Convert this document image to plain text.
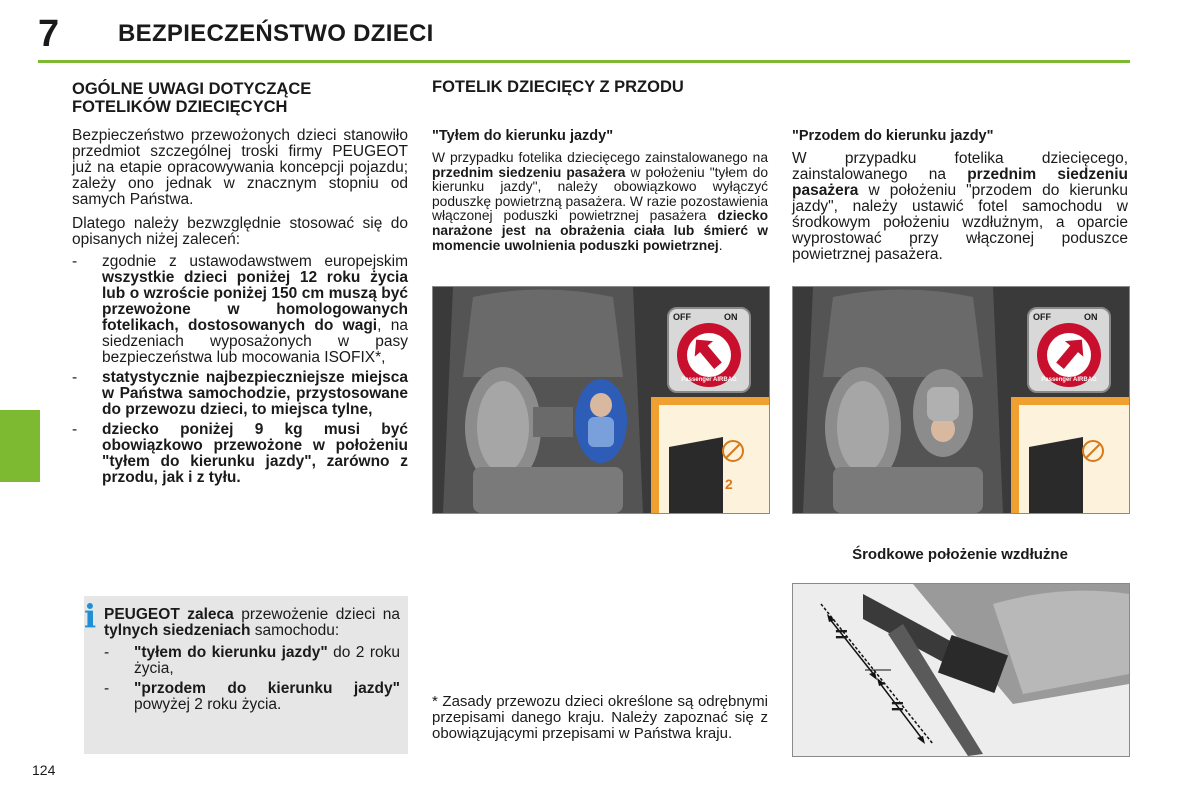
7 BEZPIECZEŃSTWO DZIECI
124
OGÓLNE UWAGI DOTYCZĄCE
FOTELIKÓW DZIECIĘCYCH

Bezpieczeństwo przewożonych dzieci stanowiło przedmiot szczególnej troski firmy PEUGEOT już na etapie opracowywania koncepcji pojazdu; zależy ono jednak w znacznym stopniu od samych Państwa.

Dlatego należy bezwzględnie stosować się do opisanych niżej zaleceń:

- zgodnie z ustawodawstwem europejskim wszystkie dzieci poniżej 12 roku życia lub o wzroście poniżej 150 cm muszą być przewożone w homologowanych fotelikach, dostosowanych do wagi, na siedzeniach wyposażonych w pasy bezpieczeństwa lub mocowania ISOFIX*,
- statystycznie najbezpieczniejsze miejsca w Państwa samochodzie, przystosowane do przewozu dzieci, to miejsca tylne,
- dziecko poniżej 9 kg musi być obowiązkowo przewożone w położeniu "tyłem do kierunku jazdy", zarówno z przodu, jak i z tyłu.
i PEUGEOT zaleca przewożenie dzieci na tylnych siedzeniach samochodu:

- "tyłem do kierunku jazdy" do 2 roku życia,
- "przodem do kierunku jazdy" powyżej 2 roku życia.
FOTELIK DZIECIĘCY Z PRZODU
"Tyłem do kierunku jazdy"
W przypadku fotelika dziecięcego zainstalowanego na przednim siedzeniu pasażera w położeniu "tyłem do kierunku jazdy", należy obowiązkowo wyłączyć poduszkę powietrzną pasażera. W razie pozostawienia włączonej poduszki powietrznej pasażera dziecko narażone jest na obrażenia ciała lub śmierć w momencie uwolnienia poduszki powietrznej.
"Przodem do kierunku jazdy"
W przypadku fotelika dziecięcego, zainstalowanego na przednim siedzeniu pasażera w położeniu "przodem do kierunku jazdy", należy ustawić fotel samochodu w środkowym położeniu wzdłużnym, a oparcie wyprostować przy włączonej poduszce powietrznej pasażera.
2
OFF	ON
Passenger AIRBAG
OFF	ON
Passenger AIRBAG
Środkowe położenie wzdłużne
=
=
* Zasady przewozu dzieci określone są odrębnymi przepisami danego kraju. Należy zapoznać się z obowiązującymi przepisami w Państwa kraju.
